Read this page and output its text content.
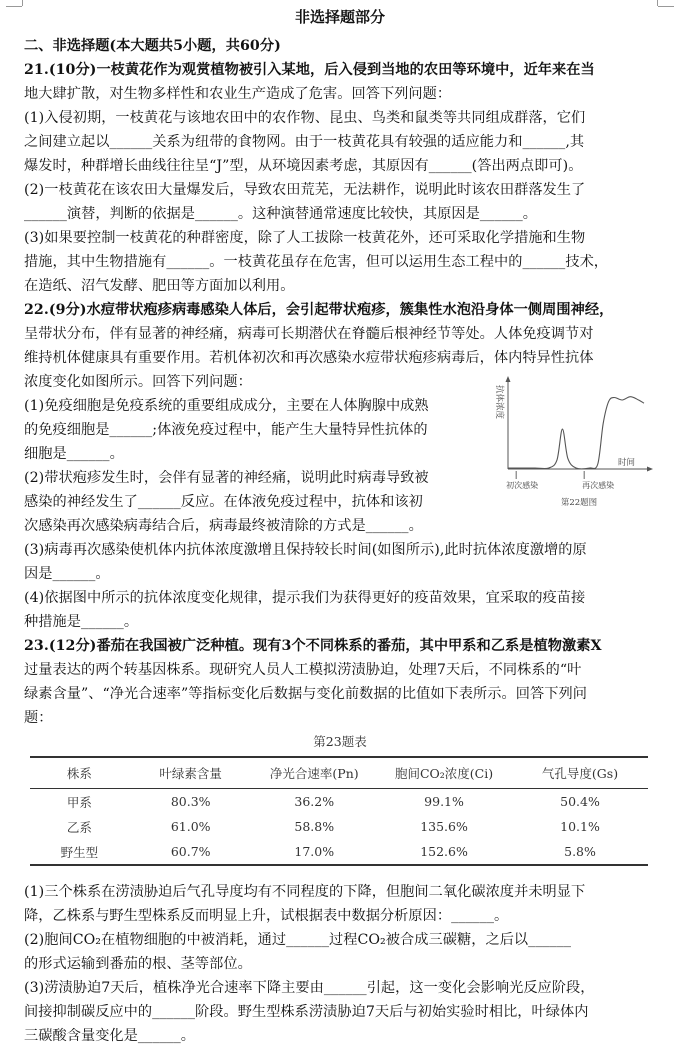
非选择题部分
二、非选择题(本大题共5小题，共60分)
21.(10分)一枝黄花作为观赏植物被引入某地，后入侵到当地的农田等环境中，近年来在当
地大肆扩散，对生物多样性和农业生产造成了危害。回答下列问题：
(1)入侵初期，一枝黄花与该地农田中的农作物、昆虫、鸟类和鼠类等共同组成群落，它们
之间建立起以______关系为纽带的食物网。由于一枝黄花具有较强的适应能力和______,其
爆发时，种群增长曲线往往呈“J”型，从环境因素考虑，其原因有______(答出两点即可)。
(2)一枝黄花在该农田大量爆发后，导致农田荒芜，无法耕作，说明此时该农田群落发生了
______演替，判断的依据是______。这种演替通常速度比较快，其原因是______。
(3)如果要控制一枝黄花的种群密度，除了人工拔除一枝黄花外，还可采取化学措施和生物
措施，其中生物措施有______。一枝黄花虽存在危害，但可以运用生态工程中的______技术，
在造纸、沼气发酵、肥田等方面加以利用。
22.(9分)水痘带状疱疹病毒感染人体后，会引起带状疱疹，簇集性水泡沿身体一侧周围神经，
呈带状分布，伴有显著的神经痛，病毒可长期潜伏在脊髓后根神经节等处。人体免疫调节对
维持机体健康具有重要作用。若机体初次和再次感染水痘带状疱疹病毒后，体内特异性抗体
浓度变化如图所示。回答下列问题：
(1)免疫细胞是免疫系统的重要组成成分，主要在人体胸腺中成熟
的免疫细胞是______;体液免疫过程中，能产生大量特异性抗体的
细胞是______。
(2)带状疱疹发生时，会伴有显著的神经痛，说明此时病毒导致被
感染的神经发生了______反应。在体液免疫过程中，抗体和该初
次感染再次感染病毒结合后，病毒最终被清除的方式是______。
(3)病毒再次感染使机体内抗体浓度激增且保持较长时间(如图所示),此时抗体浓度激增的原
因是______。
(4)依据图中所示的抗体浓度变化规律，提示我们为获得更好的疫苗效果，宜采取的疫苗接
种措施是______。
抗体浓度
时间
初次感染	再次感染
第22题图
23.(12分)番茄在我国被广泛种植。现有3个不同株系的番茄，其中甲系和乙系是植物激素X
过量表达的两个转基因株系。现研究人员人工模拟涝渍胁迫，处理7天后，不同株系的“叶
绿素含量”、“净光合速率”等指标变化后数据与变化前数据的比值如下表所示。回答下列问
题：
第23题表
株系	叶绿素含量	净光合速率(Pn)	胞间CO₂浓度(Ci)	气孔导度(Gs)
甲系	80.3%	36.2%	99.1%	50.4%
乙系	61.0%	58.8%	135.6%	10.1%
野生型	60.7%	17.0%	152.6%	5.8%
(1)三个株系在涝渍胁迫后气孔导度均有不同程度的下降，但胞间二氧化碳浓度并未明显下
降，乙株系与野生型株系反而明显上升，试根据表中数据分析原因：______。
(2)胞间CO₂在植物细胞的中被消耗，通过______过程CO₂被合成三碳糖，之后以______
的形式运输到番茄的根、茎等部位。
(3)涝渍胁迫7天后，植株净光合速率下降主要由______引起，这一变化会影响光反应阶段，
间接抑制碳反应中的______阶段。野生型株系涝渍胁迫7天后与初始实验时相比，叶绿体内
三碳酸含量变化是______。
